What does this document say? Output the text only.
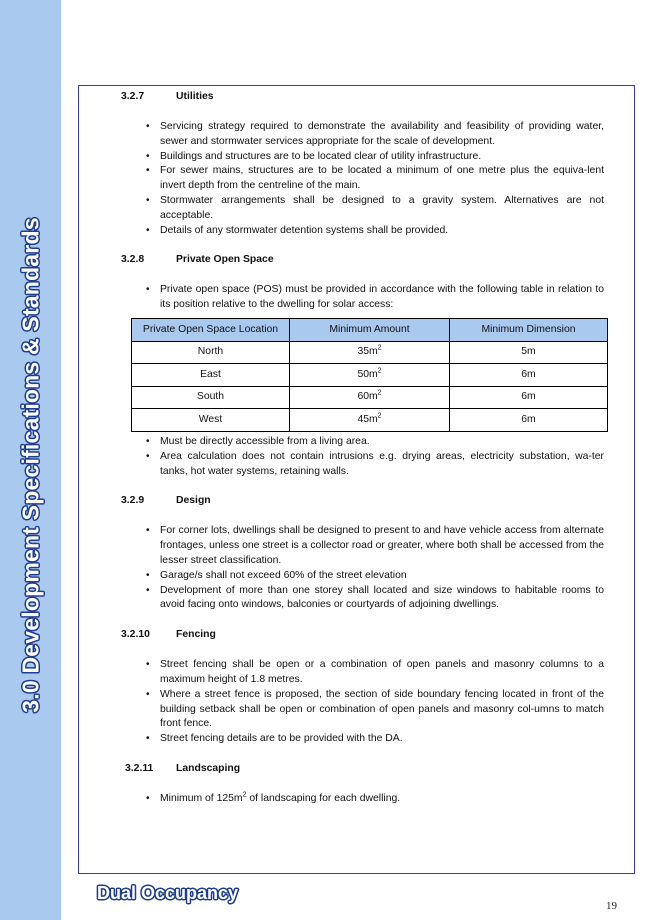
3.0 Development Specifications & Standards
3.2.7	Utilities
• Servicing strategy required to demonstrate the availability and feasibility of providing water, sewer and stormwater services appropriate for the scale of development.
• Buildings and structures are to be located clear of utility infrastructure.
• For sewer mains, structures are to be located a minimum of one metre plus the equiva-lent invert depth from the centreline of the main.
• Stormwater arrangements shall be designed to a gravity system. Alternatives are not acceptable.
• Details of any stormwater detention systems shall be provided.
3.2.8	Private Open Space
• Private open space (POS) must be provided in accordance with the following table in relation to its position relative to the dwelling for solar access:
Private Open Space Location	Minimum Amount	Minimum Dimension
North	$35m^2$	5m
East	$50m^2$	6m
South	$60m^2$	6m
West	$45m^2$	6m
• Must be directly accessible from a living area.
• Area calculation does not contain intrusions e.g. drying areas, electricity substation, wa-ter tanks, hot water systems, retaining walls.
3.2.9	Design
• For corner lots, dwellings shall be designed to present to and have vehicle access from alternate frontages, unless one street is a collector road or greater, where both shall be accessed from the lesser street classification.
• Garage/s shall not exceed 60% of the street elevation
• Development of more than one storey shall located and size windows to habitable rooms to avoid facing onto windows, balconies or courtyards of adjoining dwellings.
3.2.10	Fencing
• Street fencing shall be open or a combination of open panels and masonry columns to a maximum height of 1.8 metres.
• Where a street fence is proposed, the section of side boundary fencing located in front of the building setback shall be open or combination of open panels and masonry col-umns to match front fence.
• Street fencing details are to be provided with the DA.
3.2.11 Landscaping
• Minimum of $125m^2$ of landscaping for each dwelling.
Dual Occupancy
19
